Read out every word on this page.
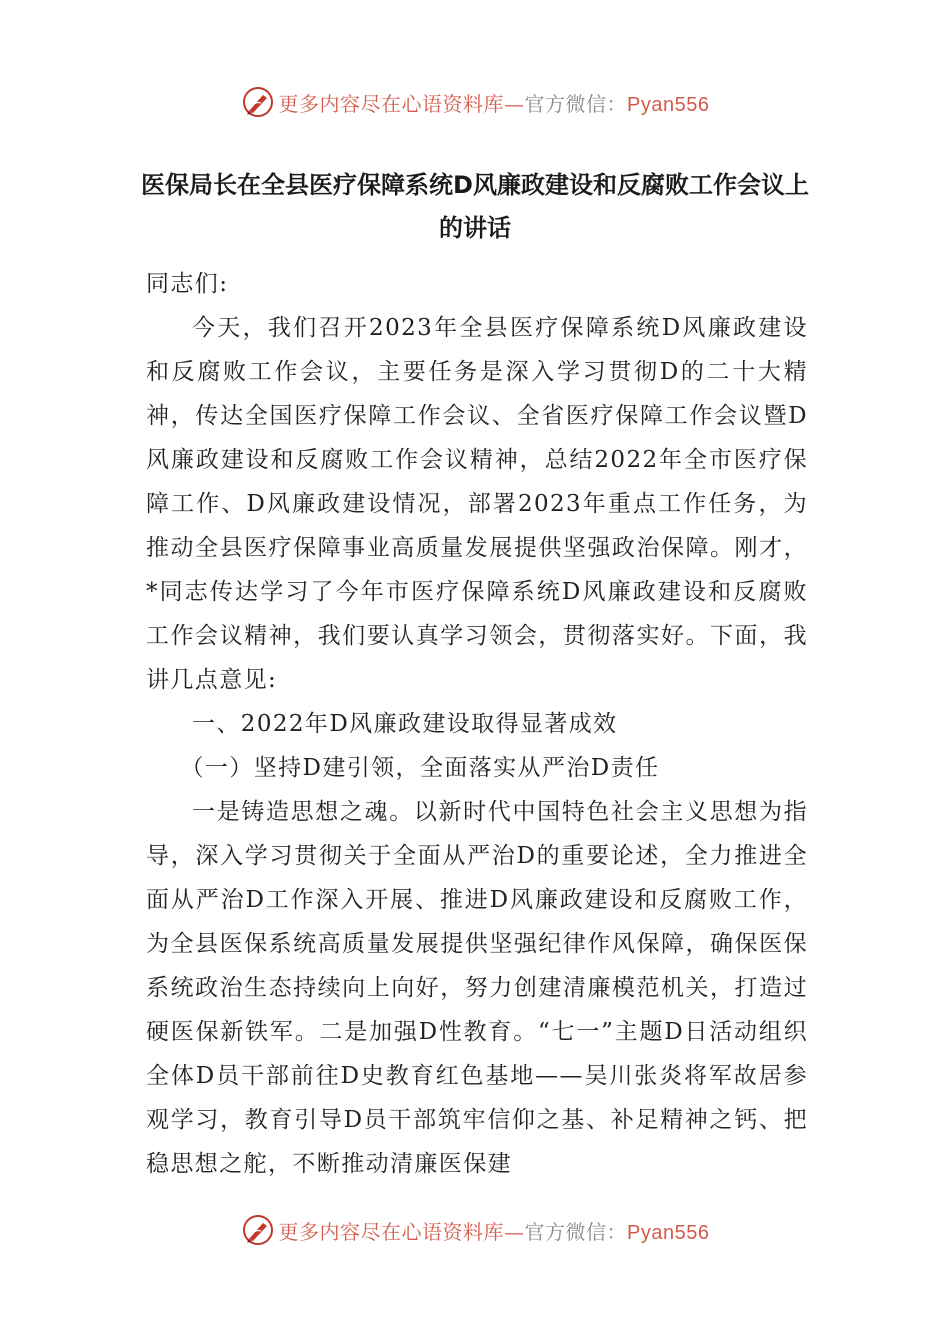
更多内容尽在心语资料库—官方微信：Pyan556
医保局长在全县医疗保障系统D风廉政建设和反腐败工作会议上的讲话

同志们:

今天，我们召开2023年全县医疗保障系统D风廉政建设和反腐败工作会议，主要任务是深入学习贯彻D的二十大精神，传达全国医疗保障工作会议、全省医疗保障工作会议暨D风廉政建设和反腐败工作会议精神，总结2022年全市医疗保障工作、D风廉政建设情况，部署2023年重点工作任务，为推动全县医疗保障事业高质量发展提供坚强政治保障。刚才，*同志传达学习了今年市医疗保障系统D风廉政建设和反腐败工作会议精神，我们要认真学习领会，贯彻落实好。下面，我讲几点意见:

一、2022年D风廉政建设取得显著成效

（一）坚持D建引领，全面落实从严治D责任

一是铸造思想之魂。以新时代中国特色社会主义思想为指导，深入学习贯彻关于全面从严治D的重要论述，全力推进全面从严治D工作深入开展、推进D风廉政建设和反腐败工作，为全县医保系统高质量发展提供坚强纪律作风保障，确保医保系统政治生态持续向上向好，努力创建清廉模范机关，打造过硬医保新铁军。二是加强D性教育。“七一”主题D日活动组织全体D员干部前往D史教育红色基地——吴川张炎将军故居参观学习，教育引导D员干部筑牢信仰之基、补足精神之钙、把稳思想之舵，不断推动清廉医保建

更多内容尽在心语资料库—官方微信：Pyan556
